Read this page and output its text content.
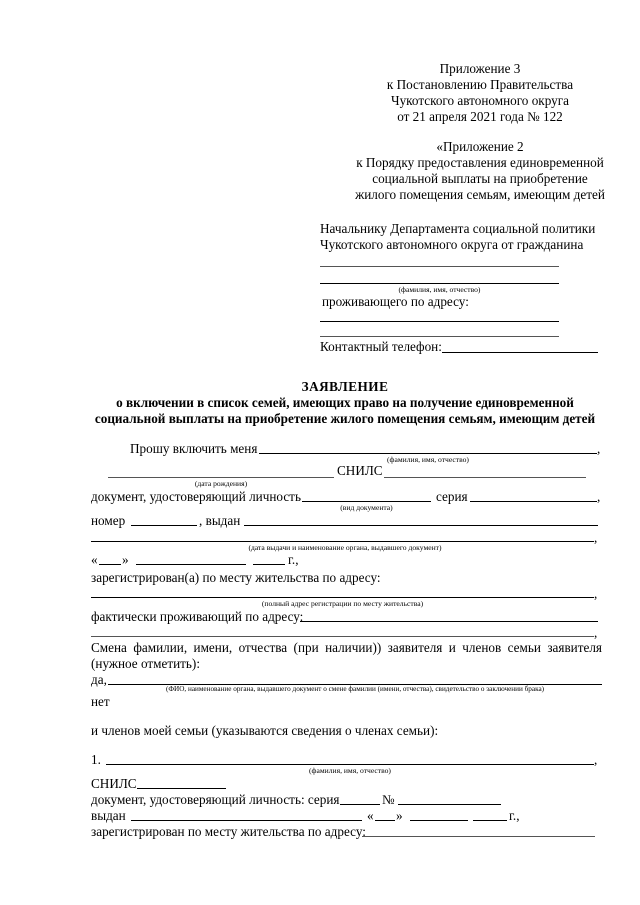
Приложение 3
к Постановлению Правительства
Чукотского автономного округа
от 21 апреля 2021 года № 122
«Приложение 2
к Порядку предоставления единовременной
социальной выплаты на приобретение
жилого помещения семьям, имеющим детей
Начальнику Департамента социальной политики
Чукотского автономного округа от гражданина
(фамилия, имя, отчество)
проживающего по адресу:
Контактный телефон:
ЗАЯВЛЕНИЕ
о включении в список семей, имеющих право на получение единовременной
социальной выплаты на приобретение жилого помещения семьям, имеющим детей
Прошу включить меня	,
(фамилия, имя, отчество)
СНИЛС
(дата рождения)
документ, удостоверяющий личность	серия	,
(вид документа)
номер	, выдан
,
(дата выдачи и наименование органа, выдавшего документ)
« »	г.,
зарегистрирован(а) по месту жительства по адресу:
,
(полный адрес регистрации по месту жительства)
фактически проживающий по адресу:
,
Смена фамилии, имени, отчества (при наличии)) заявителя и членов семьи заявителя
(нужное отметить):
да,
(ФИО, наименование органа, выдавшего документ о смене фамилии (имени, отчества), свидетельство о заключении брака)
нет
и членов моей семьи (указываются сведения о членах семьи):
1.	,
(фамилия, имя, отчество)
СНИЛС
документ, удостоверяющий личность: серия	№
выдан	« »	г.,
зарегистрирован по месту жительства по адресу:
